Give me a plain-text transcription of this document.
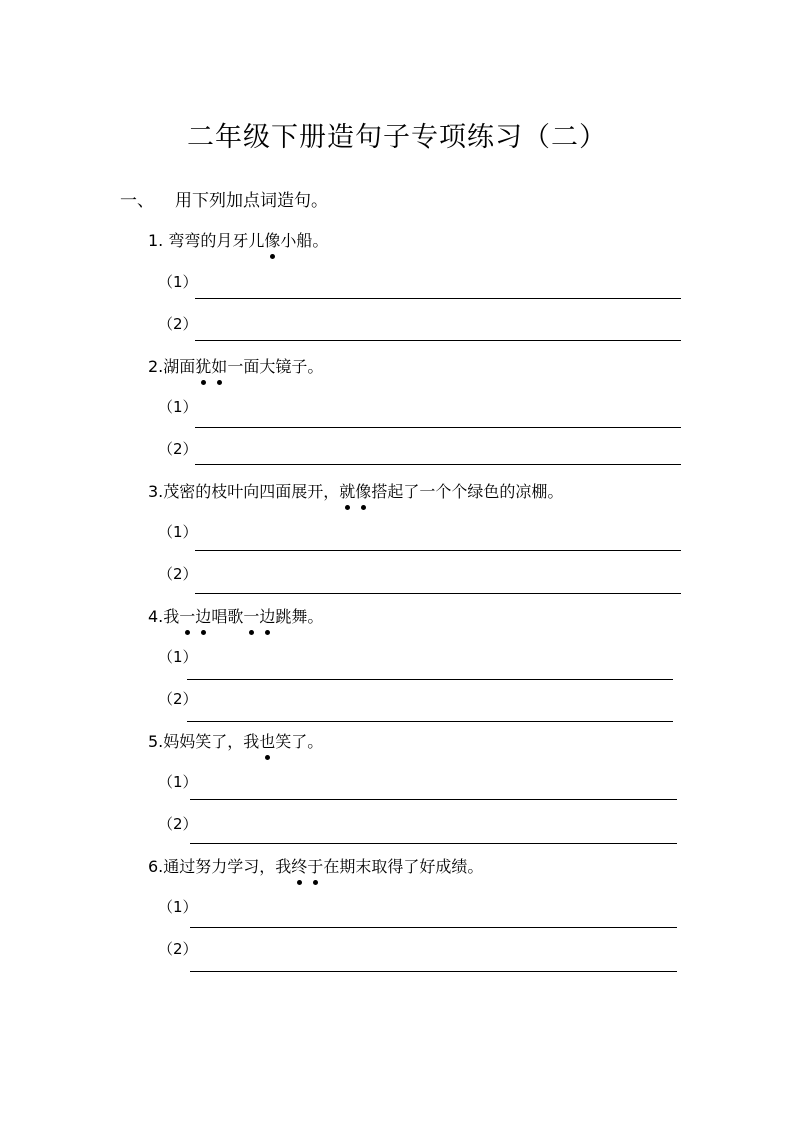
二年级下册造句子专项练习（二）
一、 用下列加点词造句。
1. 弯弯的月牙儿像小船。
（1）
（2）
2.湖面犹如一面大镜子。
（1）
（2）
3.茂密的枝叶向四面展开，就像搭起了一个个绿色的凉棚。
（1）
（2）
4.我一边唱歌一边跳舞。
（1）
（2）
5.妈妈笑了，我也笑了。
（1）
（2）
6.通过努力学习，我终于在期末取得了好成绩。
（1）
（2）
